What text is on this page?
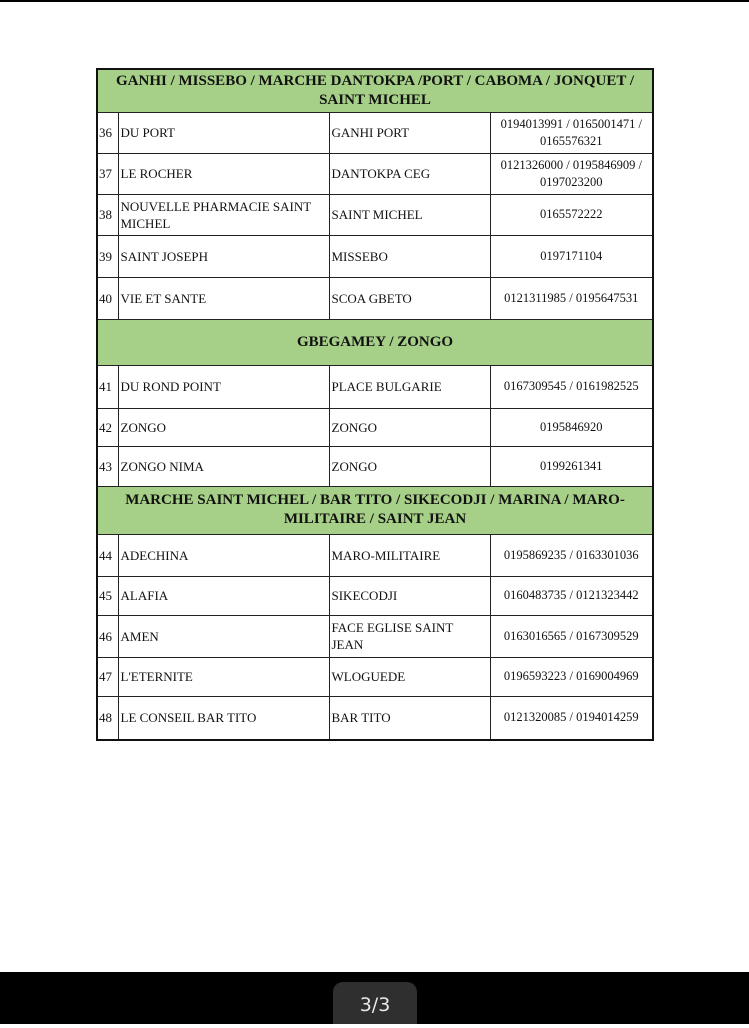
GANHI / MISSEBO / MARCHE DANTOKPA /PORT / CABOMA / JONQUET / SAINT MICHEL			
36	DU PORT	GANHI PORT	0194013991 / 0165001471 / 0165576321
37	LE ROCHER	DANTOKPA CEG	0121326000 / 0195846909 / 0197023200
38	NOUVELLE PHARMACIE SAINT MICHEL	SAINT MICHEL	0165572222
39	SAINT JOSEPH	MISSEBO	0197171104
40	VIE ET SANTE	SCOA GBETO	0121311985 / 0195647531
GBEGAMEY / ZONGO			
41	DU ROND POINT	PLACE BULGARIE	0167309545 / 0161982525
42	ZONGO	ZONGO	0195846920
43	ZONGO NIMA	ZONGO	0199261341
MARCHE SAINT MICHEL / BAR TITO / SIKECODJI / MARINA / MARO-MILITAIRE / SAINT JEAN			
44	ADECHINA	MARO-MILITAIRE	0195869235 / 0163301036
45	ALAFIA	SIKECODJI	0160483735 / 0121323442
46	AMEN	FACE EGLISE SAINT JEAN	0163016565 / 0167309529
47	L'ETERNITE	WLOGUEDE	0196593223 / 0169004969
48	LE CONSEIL BAR TITO	BAR TITO	0121320085 / 0194014259
3/3
